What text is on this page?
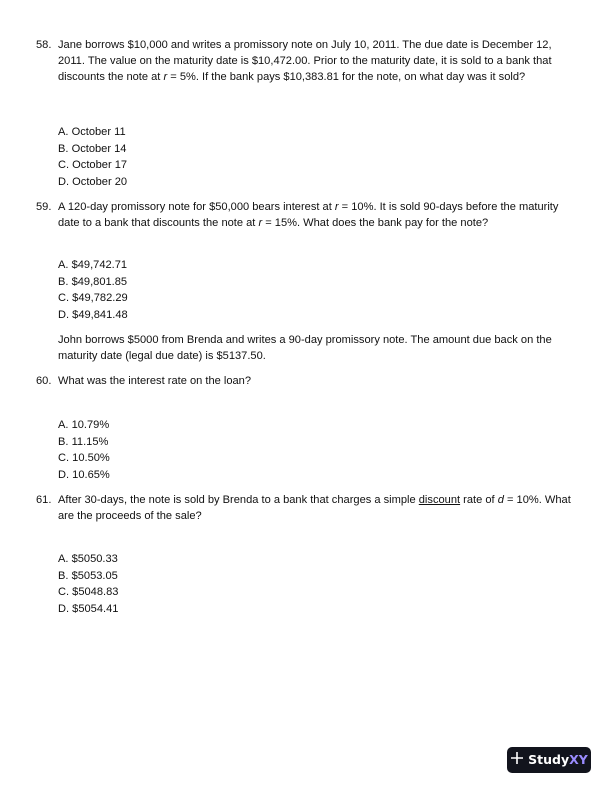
58. Jane borrows $10,000 and writes a promissory note on July 10, 2011. The due date is December 12, 2011. The value on the maturity date is $10,472.00. Prior to the maturity date, it is sold to a bank that discounts the note at r = 5%. If the bank pays $10,383.81 for the note, on what day was it sold?
A. October 11
B. October 14
C. October 17
D. October 20
59. A 120-day promissory note for $50,000 bears interest at r = 10%. It is sold 90-days before the maturity date to a bank that discounts the note at r = 15%. What does the bank pay for the note?
A. $49,742.71
B. $49,801.85
C. $49,782.29
D. $49,841.48
John borrows $5000 from Brenda and writes a 90-day promissory note. The amount due back on the maturity date (legal due date) is $5137.50.
60. What was the interest rate on the loan?
A. 10.79%
B. 11.15%
C. 10.50%
D. 10.65%
61. After 30-days, the note is sold by Brenda to a bank that charges a simple discount rate of d = 10%. What are the proceeds of the sale?
A. $5050.33
B. $5053.05
C. $5048.83
D. $5054.41
Study XY
